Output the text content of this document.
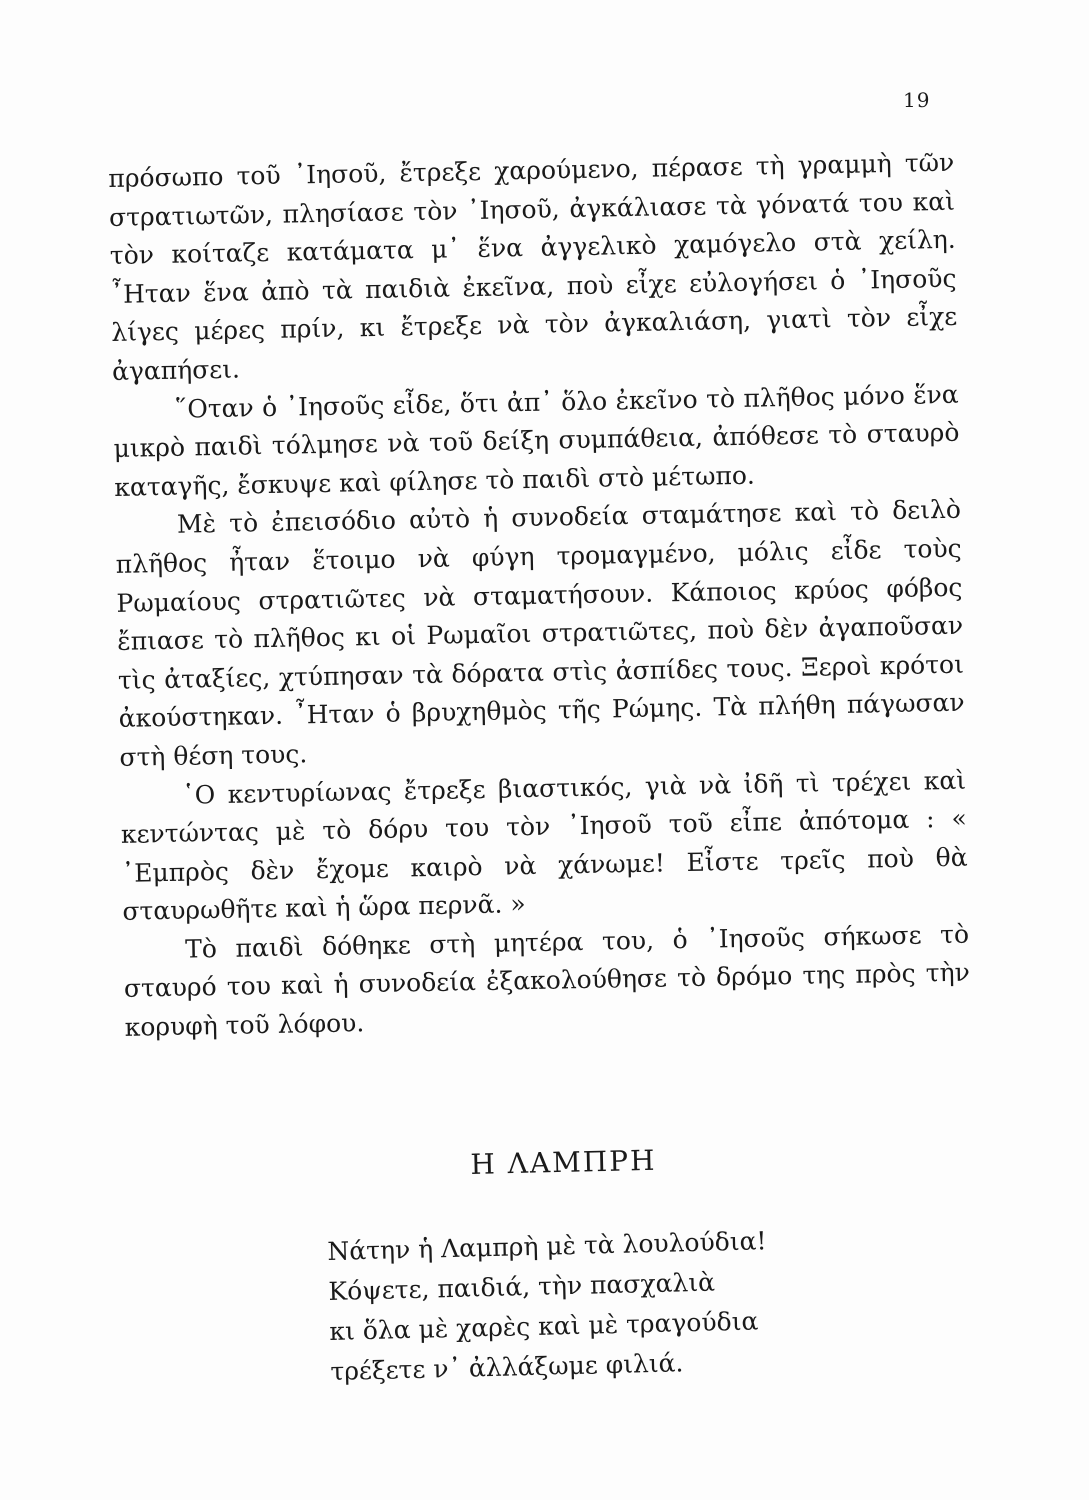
19

πρόσωπο τοῦ ᾽Ιησοῦ, ἔτρεξε χαρούμενο, πέρασε τὴ γραμμὴ τῶν στρατιωτῶν, πλησίασε τὸν ᾽Ιησοῦ, ἀγκάλιασε τὰ γόνατά του καὶ τὸν κοίταζε κατάματα μ᾽ ἕνα ἀγγελικὸ χαμόγελο στὰ χείλη. ῏Ηταν ἕνα ἀπὸ τὰ παιδιὰ ἐκεῖνα, ποὺ εἶχε εὐλογήσει ὁ ᾽Ιησοῦς λίγες μέρες πρίν, κι ἔτρεξε νὰ τὸν ἀγκαλιάση, γιατὶ τὸν εἶχε ἀγαπήσει.

῞Οταν ὁ ᾽Ιησοῦς εἶδε, ὅτι ἀπ᾽ ὅλο ἐκεῖνο τὸ πλῆθος μόνο ἕνα μικρὸ παιδὶ τόλμησε νὰ τοῦ δείξη συμπάθεια, ἀπόθεσε τὸ σταυρὸ καταγῆς, ἔσκυψε καὶ φίλησε τὸ παιδὶ στὸ μέτωπο.

Μὲ τὸ ἐπεισόδιο αὐτὸ ἡ συνοδεία σταμάτησε καὶ τὸ δειλὸ πλῆθος ἦταν ἕτοιμο νὰ φύγη τρομαγμένο, μόλις εἶδε τοὺς Ρωμαίους στρατιῶτες νὰ σταματήσουν. Κάποιος κρύος φόβος ἔπιασε τὸ πλῆθος κι οἱ Ρωμαῖοι στρατιῶτες, ποὺ δὲν ἀγαποῦσαν τὶς ἀταξίες, χτύπησαν τὰ δόρατα στὶς ἀσπίδες τους. Ξεροὶ κρότοι ἀκούστηκαν. ῏Ηταν ὁ βρυχηθμὸς τῆς Ρώμης. Τὰ πλήθη πάγωσαν στὴ θέση τους.

῾Ο κεντυρίωνας ἔτρεξε βιαστικός, γιὰ νὰ ἰδῆ τὶ τρέχει καὶ κεντώντας μὲ τὸ δόρυ του τὸν ᾽Ιησοῦ τοῦ εἶπε ἀπότομα : « ᾽Εμπρὸς δὲν ἔχομε καιρὸ νὰ χάνωμε! Εἶστε τρεῖς ποὺ θὰ σταυρωθῆτε καὶ ἡ ὥρα περνᾶ. »

Τὸ παιδὶ δόθηκε στὴ μητέρα του, ὁ ᾽Ιησοῦς σήκωσε τὸ σταυρό του καὶ ἡ συνοδεία ἐξακολούθησε τὸ δρόμο της πρὸς τὴν κορυφὴ τοῦ λόφου.

Η ΛΑΜΠΡΗ
Νάτην ἡ Λαμπρὴ μὲ τὰ λουλούδια!
Κόψετε, παιδιά, τὴν πασχαλιὰ
κι ὅλα μὲ χαρὲς καὶ μὲ τραγούδια
τρέξετε ν᾽ ἀλλάξωμε φιλιά.
